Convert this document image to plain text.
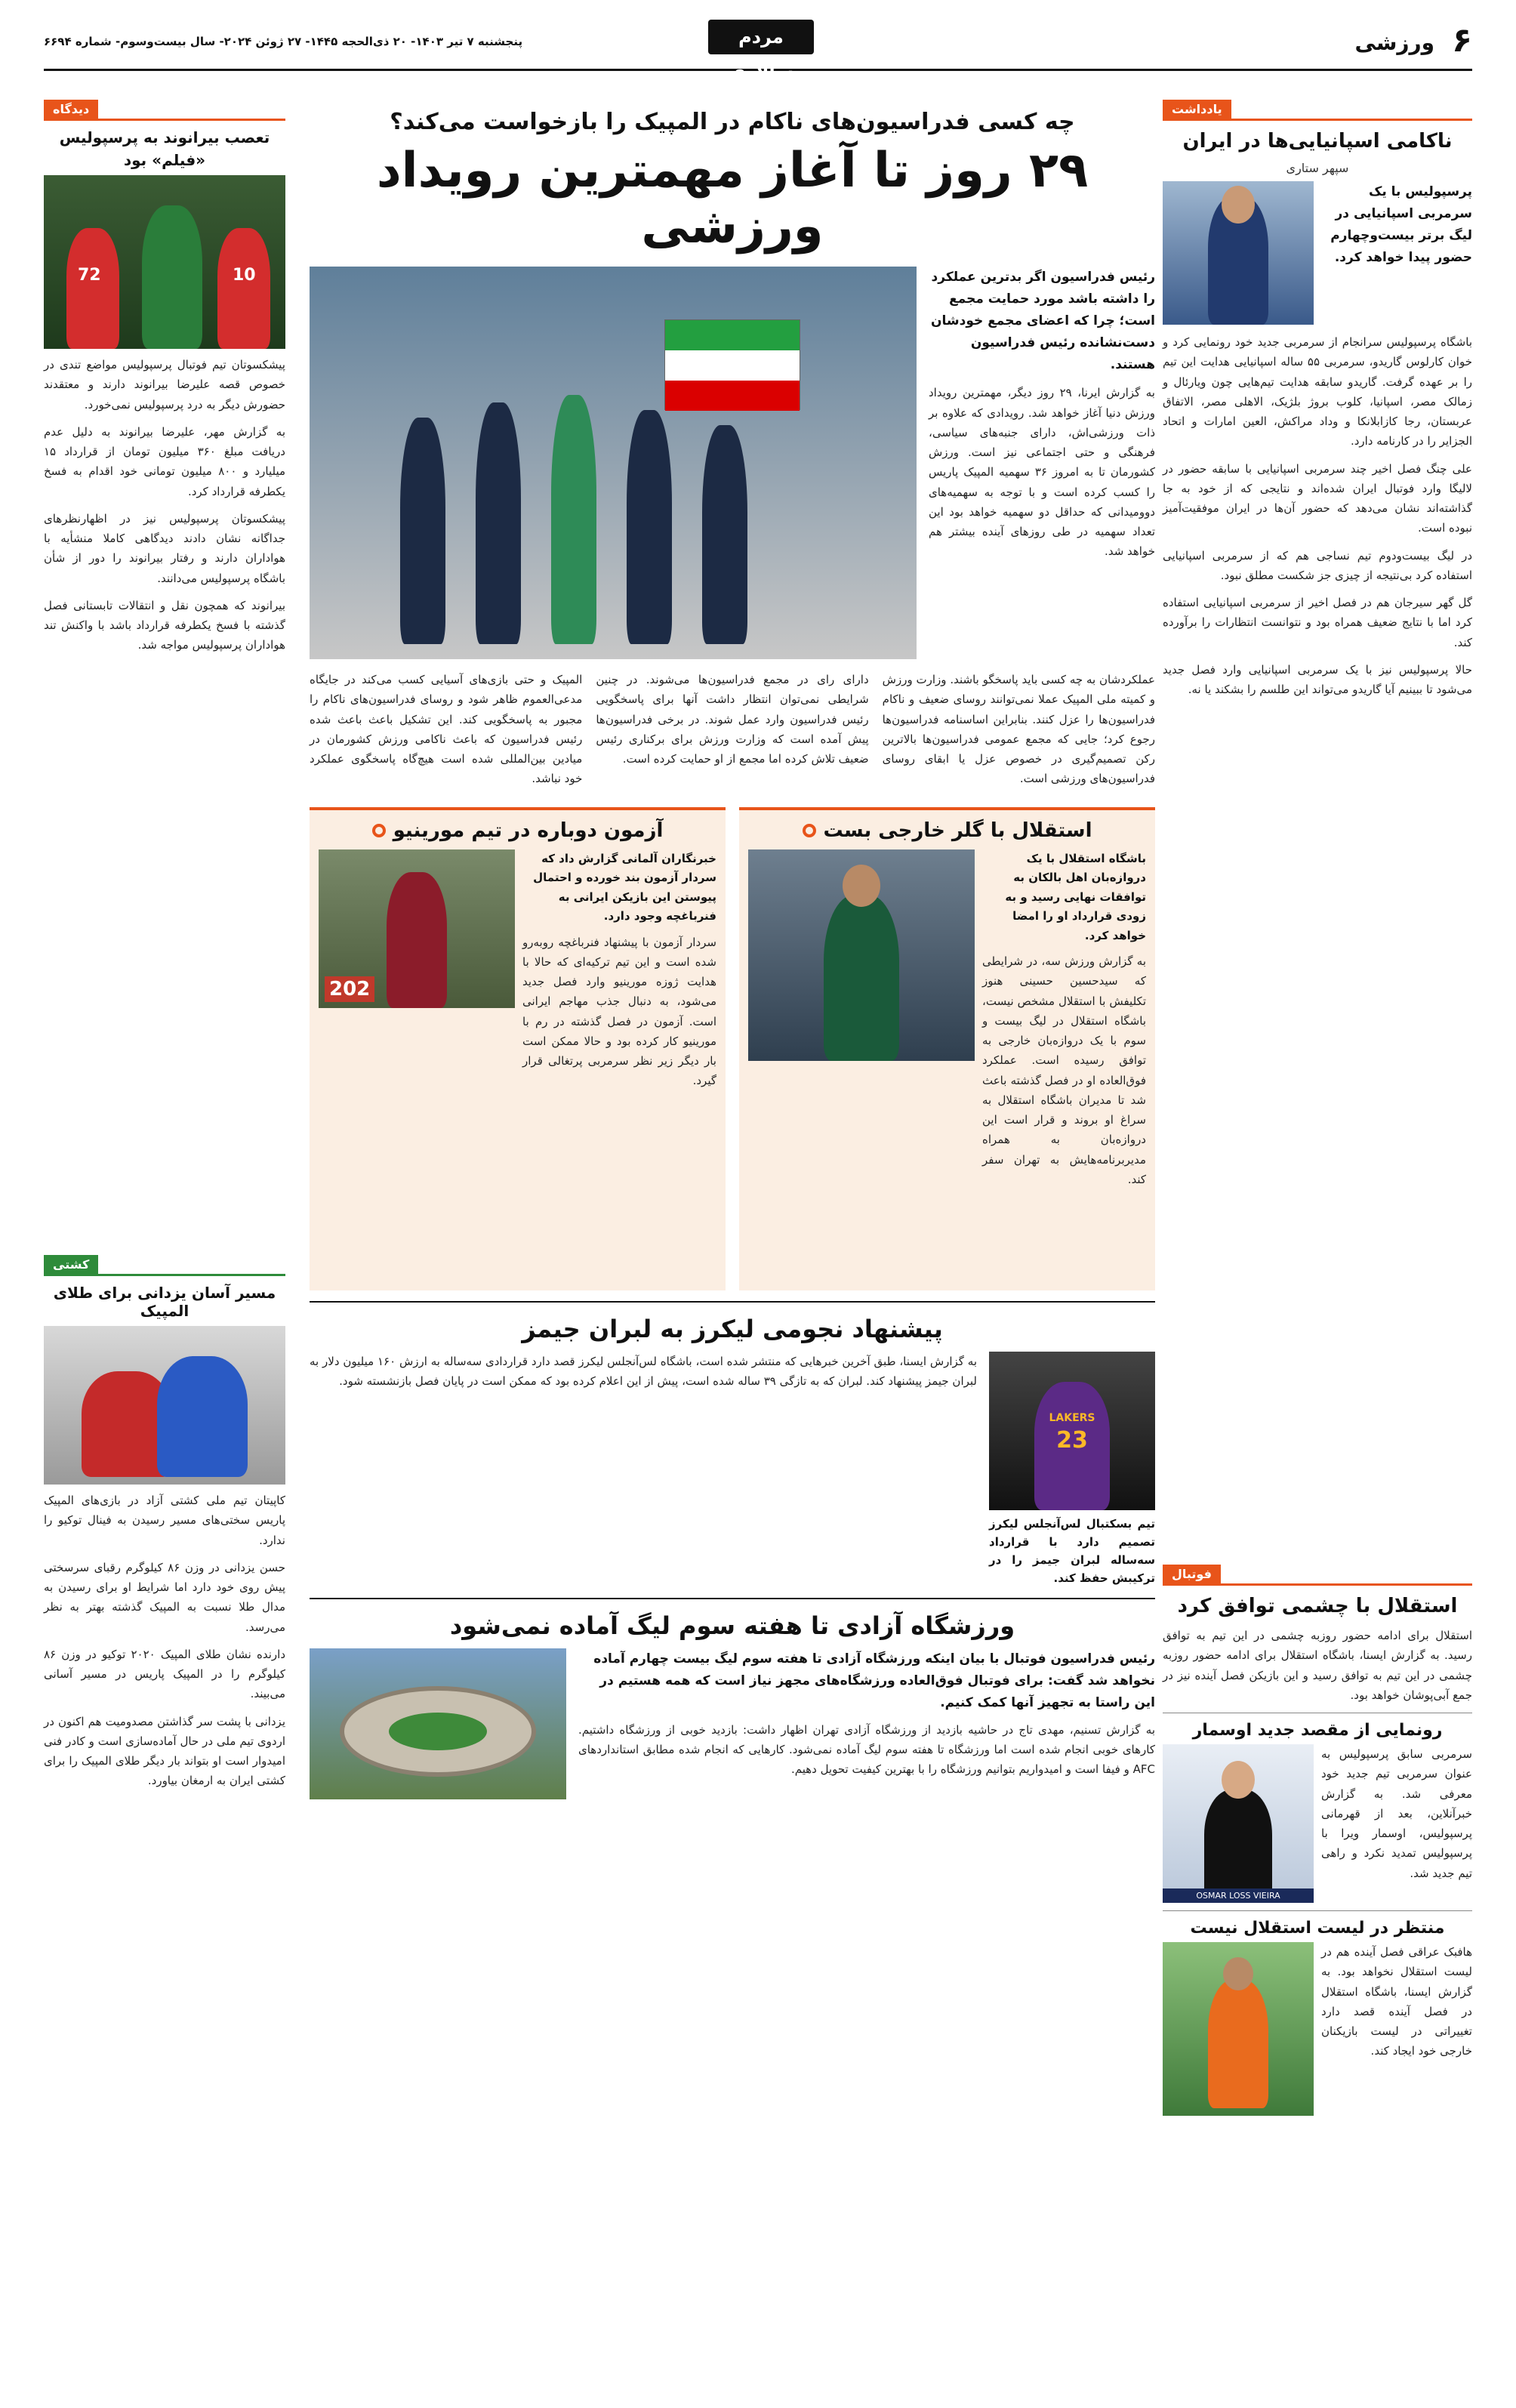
۶
ورزشی
مردم سالاری
پنجشنبه ۷ تیر ۱۴۰۳- ۲۰ ذی‌الحجه ۱۴۴۵- ۲۷ ژوئن ۲۰۲۴- سال بیست‌وسوم- شماره ۶۶۹۴
یادداشت
ناکامی اسپانیایی‌ها در ایران
سپهر ستاری
پرسپولیس با یک سرمربی اسپانیایی در لیگ برتر بیست‌وچهارم حضور پیدا خواهد کرد.

باشگاه پرسپولیس سرانجام از سرمربی جدید خود رونمایی کرد و خوان کارلوس گاریدو، سرمربی ۵۵ ساله اسپانیایی هدایت این تیم را بر عهده گرفت. گاریدو سابقه هدایت تیم‌هایی چون ویارئال و زمالک مصر، اسپانیا، کلوب بروژ بلژیک، الاهلی مصر، الاتفاق عربستان، رجا کازابلانکا و وداد مراکش، العین امارات و اتحاد الجزایر را در کارنامه دارد.

علی چنگ فصل اخیر چند سرمربی اسپانیایی با سابقه حضور در لالیگا وارد فوتبال ایران شده‌اند و نتایجی که از خود به جا گذاشته‌اند نشان می‌دهد که حضور آن‌ها در ایران موفقیت‌آمیز نبوده است.

در لیگ بیست‌ودوم تیم نساجی هم که از سرمربی اسپانیایی استفاده کرد بی‌نتیجه از چیزی جز شکست مطلق نبود.

گل گهر سیرجان هم در فصل اخیر از سرمربی اسپانیایی استفاده کرد اما با نتایج ضعیف همراه بود و نتوانست انتظارات را برآورده کند.

حالا پرسپولیس نیز با یک سرمربی اسپانیایی وارد فصل جدید می‌شود تا ببینیم آیا گاریدو می‌تواند این طلسم را بشکند یا نه.

فوتبال
استقلال با چشمی توافق کرد
استقلال برای ادامه حضور روزبه چشمی در این تیم به توافق رسید. به گزارش ایسنا، باشگاه استقلال برای ادامه حضور روزبه چشمی در این تیم به توافق رسید و این بازیکن فصل آینده نیز در جمع آبی‌پوشان خواهد بود.
رونمایی از مقصد جدید اوسمار
سرمربی سابق پرسپولیس به عنوان سرمربی تیم جدید خود معرفی شد. به گزارش خبرآنلاین، بعد از قهرمانی پرسپولیس، اوسمار ویرا با پرسپولیس تمدید نکرد و راهی تیم جدید شد.
OSMAR LOSS VIEIRA
منتظر در لیست استقلال نیست
هافبک عراقی فصل آینده هم در لیست استقلال نخواهد بود. به گزارش ایسنا، باشگاه استقلال در فصل آینده قصد دارد تغییراتی در لیست بازیکنان خارجی خود ایجاد کند.
دیدگاه
تعصب بیرانوند به پرسپولیس
«فیلم» بود
72	10

پیشکسوتان تیم فوتبال پرسپولیس مواضع تندی در خصوص قصه علیرضا بیرانوند دارند و معتقدند حضورش دیگر به درد پرسپولیس نمی‌خورد.

به گزارش مهر، علیرضا بیرانوند به دلیل عدم دریافت مبلغ ۳۶۰ میلیون تومان از قرارداد ۱۵ میلیارد و ۸۰۰ میلیون تومانی خود اقدام به فسخ یکطرفه قرارداد کرد.

پیشکسوتان پرسپولیس نیز در اظهارنظرهای جداگانه نشان دادند دیدگاهی کاملا منشأیه با هواداران دارند و رفتار بیرانوند را دور از شأن باشگاه پرسپولیس می‌دانند.

بیرانوند که همچون نقل و انتقالات تابستانی فصل گذشته با فسخ یکطرفه قرارداد باشد با واکنش تند هواداران پرسپولیس مواجه شد.

کشتی
مسیر آسان یزدانی برای طلای المپیک

کاپیتان تیم ملی کشتی آزاد در بازی‌های المپیک پاریس سختی‌های مسیر رسیدن به فینال توکیو را ندارد.

حسن یزدانی در وزن ۸۶ کیلوگرم رقبای سرسختی پیش روی خود دارد اما شرایط او برای رسیدن به مدال طلا نسبت به المپیک گذشته بهتر به نظر می‌رسد.

دارنده نشان طلای المپیک ۲۰۲۰ توکیو در وزن ۸۶ کیلوگرم را در المپیک پاریس در مسیر آسانی می‌بیند.

یزدانی با پشت سر گذاشتن مصدومیت هم اکنون در اردوی تیم ملی در حال آماده‌سازی است و کادر فنی امیدوار است او بتواند بار دیگر طلای المپیک را برای کشتی ایران به ارمغان بیاورد.

چه کسی فدراسیون‌های ناکام در المپیک را بازخواست می‌کند؟
۲۹ روز تا آغاز مهمترین رویداد ورزشی
رئیس فدراسیون اگر بدترین عملکرد را داشته باشد مورد حمایت مجمع است؛ چرا که اعضای مجمع خودشان دست‌نشانده رئیس فدراسیون هستند.
به گزارش ایرنا، ۲۹ روز دیگر، مهمترین رویداد ورزش دنیا آغاز خواهد شد. رویدادی که علاوه بر ذات ورزشی‌اش، دارای جنبه‌های سیاسی، فرهنگی و حتی اجتماعی نیز است. ورزش کشورمان تا به امروز ۳۶ سهمیه المپیک پاریس را کسب کرده است و با توجه به سهمیه‌های دوومیدانی که حداقل دو سهمیه خواهد بود این تعداد سهمیه در طی روزهای آینده بیشتر هم خواهد شد.
عملکردشان به چه کسی باید پاسخگو باشند. وزارت ورزش و کمیته ملی المپیک عملا نمی‌توانند روسای ضعیف و ناکام فدراسیون‌ها را عزل کنند. بنابراین اساسنامه فدراسیون‌ها رجوع کرد؛ جایی که مجمع عمومی فدراسیون‌ها بالاترین رکن تصمیم‌گیری در خصوص عزل یا ابقای روسای فدراسیون‌های ورزشی است.
دارای رای در مجمع فدراسیون‌ها می‌شوند. در چنین شرایطی نمی‌توان انتظار داشت آنها برای پاسخگویی رئیس فدراسیون وارد عمل شوند. در برخی فدراسیون‌ها پیش آمده است که وزارت ورزش برای برکناری رئیس ضعیف تلاش کرده اما مجمع از او حمایت کرده است.
المپیک و حتی بازی‌های آسیایی کسب می‌کند در جایگاه مدعی‌العموم ظاهر شود و روسای فدراسیون‌های ناکام را مجبور به پاسخگویی کند. این تشکیل باعث باعث شده رئیس فدراسیون که باعث ناکامی ورزش کشورمان در میادین بین‌المللی شده است هیچ‌گاه پاسخگوی عملکرد خود نباشد.
استقلال با گلر خارجی بست
باشگاه استقلال با یک دروازه‌بان اهل بالکان به توافقات نهایی رسید و به زودی قرارداد او را امضا خواهد کرد.
به گزارش ورزش سه، در شرایطی که سیدحسین حسینی هنوز تکلیفش با استقلال مشخص نیست، باشگاه استقلال در لیگ بیست و سوم با یک دروازه‌بان خارجی به توافق رسیده است. عملکرد فوق‌العاده او در فصل گذشته باعث شد تا مدیران باشگاه استقلال به سراغ او بروند و قرار است این دروازه‌بان به همراه مدیربرنامه‌هایش به تهران سفر کند.
آزمون دوباره در تیم مورینیو
خبرنگاران آلمانی گزارش داد که سردار آزمون بند خورده و احتمال پیوستن این بازیکن ایرانی به فنرباغچه وجود دارد.
سردار آزمون با پیشنهاد فنرباغچه روبه‌رو شده است و این تیم ترکیه‌ای که حالا با هدایت ژوزه مورینیو وارد فصل جدید می‌شود، به دنبال جذب مهاجم ایرانی است. آزمون در فصل گذشته در رم با مورینیو کار کرده بود و حالا ممکن است بار دیگر زیر نظر سرمربی پرتغالی قرار گیرد.
202
پیشنهاد نجومی لیکرز به لبران جیمز
LAKERS
23
تیم بسکتبال لس‌آنجلس لیکرز تصمیم دارد با قرارداد سه‌ساله لبران جیمز را در ترکیبش حفظ کند.
به گزارش ایسنا، طبق آخرین خبرهایی که منتشر شده است، باشگاه لس‌آنجلس لیکرز قصد دارد قراردادی سه‌ساله به ارزش ۱۶۰ میلیون دلار به لبران جیمز پیشنهاد کند. لبران که به تازگی ۳۹ ساله شده است، پیش از این اعلام کرده بود که ممکن است در پایان فصل بازنشسته شود.
ورزشگاه آزادی تا هفته سوم لیگ آماده نمی‌شود
رئیس فدراسیون فوتبال با بیان اینکه ورزشگاه آزادی تا هفته سوم لیگ بیست چهارم آماده نخواهد شد گفت: برای فوتبال فوق‌العاده ورزشگاه‌های مجهز نیاز است که همه هستیم در این راستا به تجهیز آنها کمک کنیم.
به گزارش تسنیم، مهدی تاج در حاشیه بازدید از ورزشگاه آزادی تهران اظهار داشت: بازدید خوبی از ورزشگاه داشتیم. کارهای خوبی انجام شده است اما ورزشگاه تا هفته سوم لیگ آماده نمی‌شود. کارهایی که انجام شده مطابق استانداردهای AFC و فیفا است و امیدواریم بتوانیم ورزشگاه را با بهترین کیفیت تحویل دهیم.
